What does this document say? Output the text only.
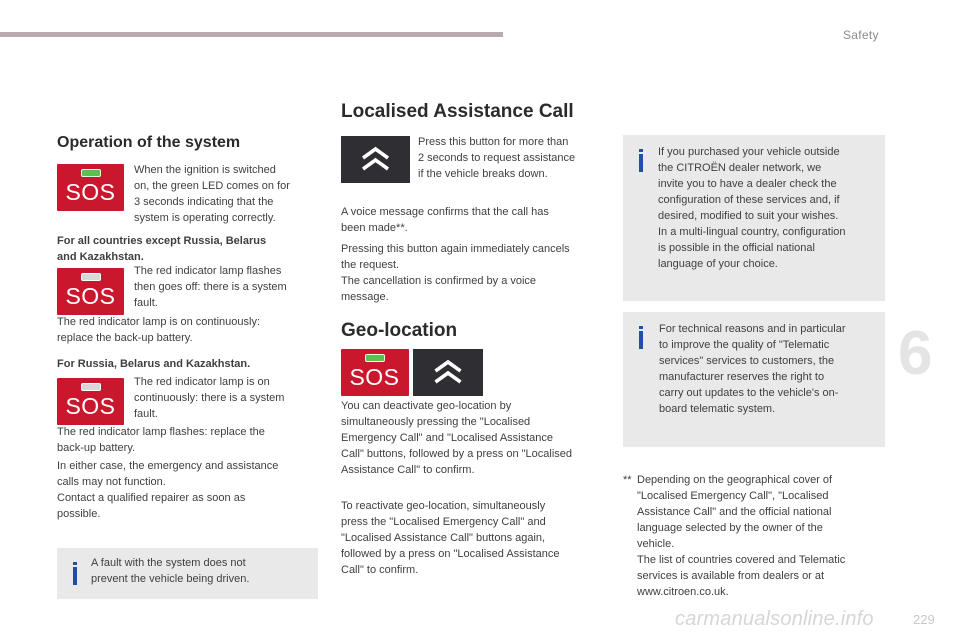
Safety
6
229
carmanualsonline.info
Operation of the system
SOS
When the ignition is switched
on, the green LED comes on for
3 seconds indicating that the
system is operating correctly.
For all countries except Russia, Belarus
and Kazakhstan.
SOS
The red indicator lamp flashes
then goes off: there is a system
fault.
The red indicator lamp is on continuously:
replace the back-up battery.
For Russia, Belarus and Kazakhstan.
SOS
The red indicator lamp is on
continuously: there is a system
fault.
The red indicator lamp flashes: replace the
back-up battery.
In either case, the emergency and assistance
calls may not function.
Contact a qualified repairer as soon as
possible.
A fault with the system does not
prevent the vehicle being driven.
Localised Assistance Call
Press this button for more than
2 seconds to request assistance
if the vehicle breaks down.
A voice message confirms that the call has
been made**.
Pressing this button again immediately cancels
the request.
The cancellation is confirmed by a voice
message.
Geo-location
SOS
You can deactivate geo-location by
simultaneously pressing the "Localised
Emergency Call" and "Localised Assistance
Call" buttons, followed by a press on "Localised
Assistance Call" to confirm.
To reactivate geo-location, simultaneously
press the "Localised Emergency Call" and
"Localised Assistance Call" buttons again,
followed by a press on "Localised Assistance
Call" to confirm.
If you purchased your vehicle outside
the CITROËN dealer network, we
invite you to have a dealer check the
configuration of these services and, if
desired, modified to suit your wishes.
In a multi-lingual country, configuration
is possible in the official national
language of your choice.
For technical reasons and in particular
to improve the quality of "Telematic
services" services to customers, the
manufacturer reserves the right to
carry out updates to the vehicle's on-
board telematic system.
** Depending on the geographical cover of
"Localised Emergency Call", "Localised
Assistance Call" and the official national
language selected by the owner of the
vehicle.
The list of countries covered and Telematic
services is available from dealers or at
www.citroen.co.uk.
